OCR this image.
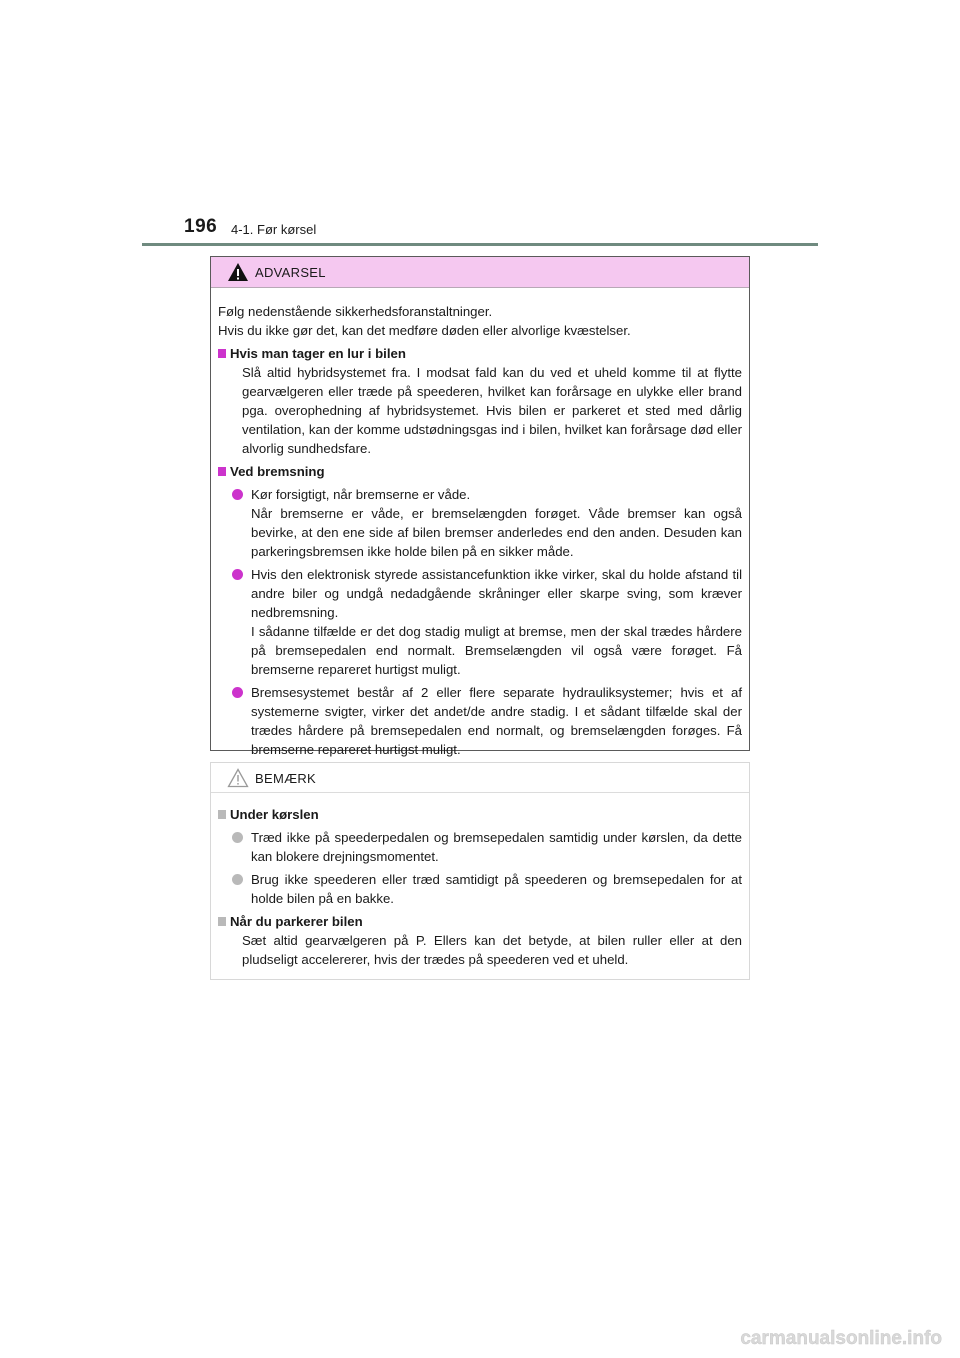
196 4-1. Før kørsel
ADVARSEL

Følg nedenstående sikkerhedsforanstaltninger.

Hvis du ikke gør det, kan det medføre døden eller alvorlige kvæstelser.

Hvis man tager en lur i bilen

Slå altid hybridsystemet fra. I modsat fald kan du ved et uheld komme til at flytte gearvælgeren eller træde på speederen, hvilket kan forårsage en ulykke eller brand pga. overophedning af hybridsystemet. Hvis bilen er parkeret et sted med dårlig ventilation, kan der komme udstødningsgas ind i bilen, hvilket kan forårsage død eller alvorlig sundhedsfare.

Ved bremsning

Kør forsigtigt, når bremserne er våde.

Når bremserne er våde, er bremselængden forøget. Våde bremser kan også bevirke, at den ene side af bilen bremser anderledes end den anden. Desuden kan parkeringsbremsen ikke holde bilen på en sikker måde.

Hvis den elektronisk styrede assistancefunktion ikke virker, skal du holde afstand til andre biler og undgå nedadgående skråninger eller skarpe sving, som kræver nedbremsning.

I sådanne tilfælde er det dog stadig muligt at bremse, men der skal trædes hårdere på bremsepedalen end normalt. Bremselængden vil også være forøget. Få bremserne repareret hurtigst muligt.

Bremsesystemet består af 2 eller flere separate hydrauliksystemer; hvis et af systemerne svigter, virker det andet/de andre stadig. I et sådant tilfælde skal der trædes hårdere på bremsepedalen end normalt, og bremselængden forøges. Få bremserne repareret hurtigst muligt.

BEMÆRK
Under kørslen

Træd ikke på speederpedalen og bremsepedalen samtidig under kørslen, da dette kan blokere drejningsmomentet.

Brug ikke speederen eller træd samtidigt på speederen og bremsepedalen for at holde bilen på en bakke.

Når du parkerer bilen

Sæt altid gearvælgeren på P. Ellers kan det betyde, at bilen ruller eller at den pludseligt accelererer, hvis der trædes på speederen ved et uheld.

carmanualsonline.info
